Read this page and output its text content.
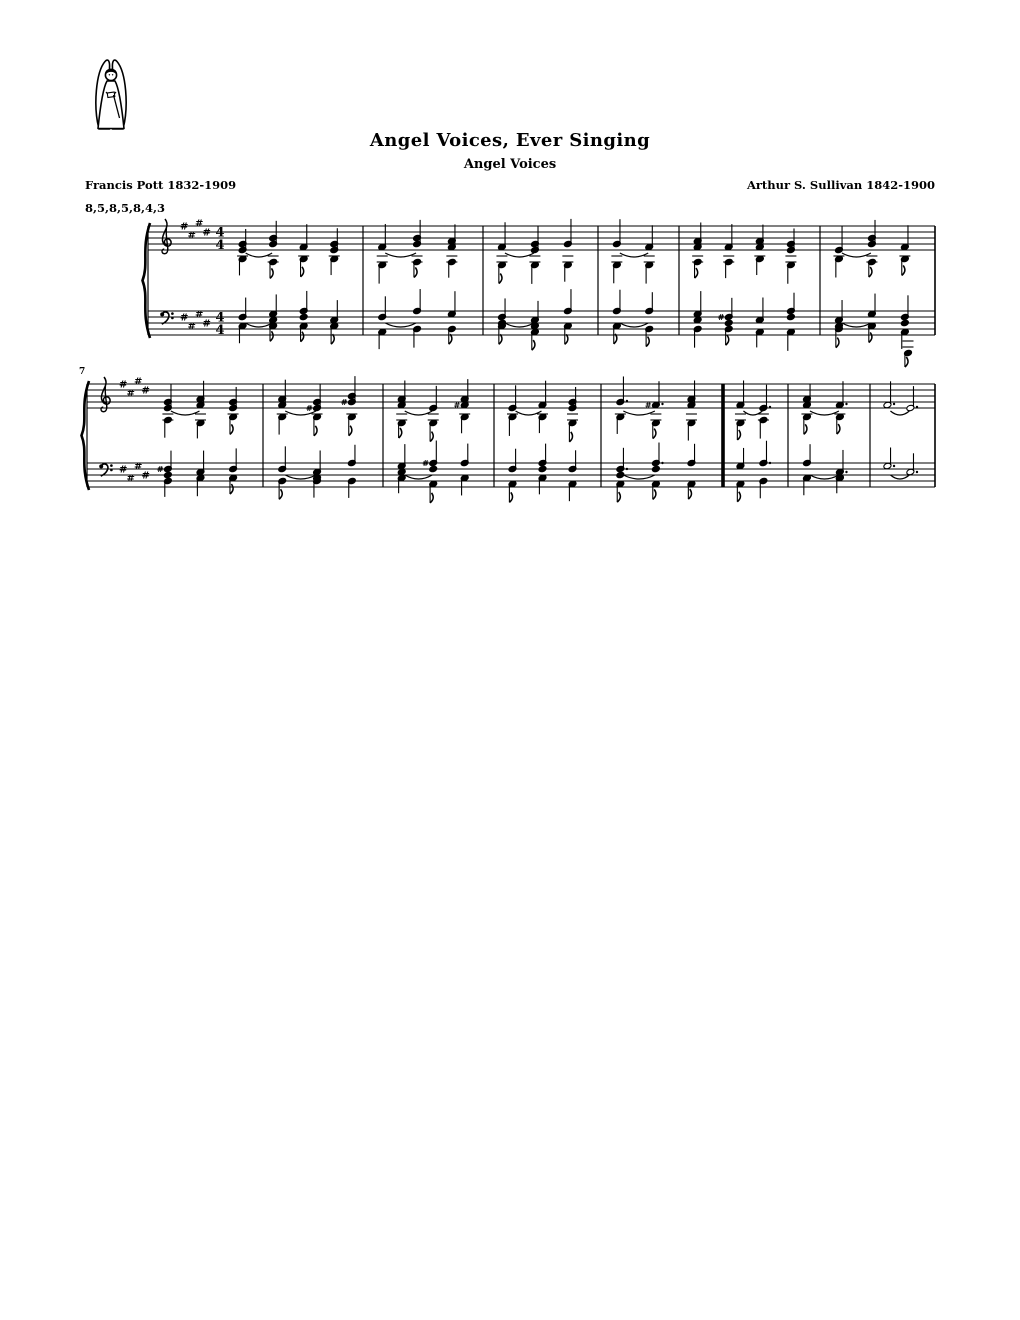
Angel Voices, Ever Singing
Angel Voices
Francis Pott 1832-1909	Arthur S. Sullivan 1842-1900
8,5,8,5,8,4,3
7
#
#
#
#
#
#
#
#
4
4
4
4
#
#
#
#
#
#
#
#
#
#
#
#
#
#	#
